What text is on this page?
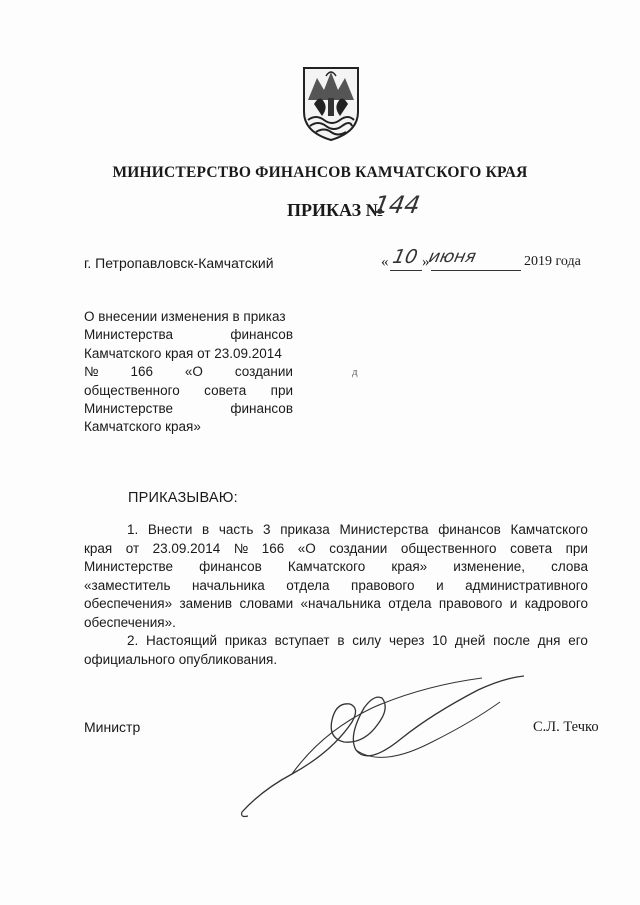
МИНИСТЕРСТВО ФИНАНСОВ КАМЧАТСКОГО КРАЯ
ПРИКАЗ №
144
г. Петропавловск-Камчатский	« 10 »
июня	2019 года
О внесении изменения в приказ
Министерства	финансов
Камчатского края от 23.09.2014
№ 166 «О создании
общественного совета при
Министерстве	финансов
Камчатского края»
д
ПРИКАЗЫВАЮ:
1. Внести в часть 3 приказа Министерства финансов Камчатского
края от 23.09.2014 № 166 «О создании общественного совета при
Министерстве финансов Камчатского края» изменение, слова
«заместитель начальника отдела правового и административного
обеспечения» заменив словами «начальника отдела правового и кадрового
обеспечения».
2. Настоящий приказ вступает в силу через 10 дней после дня его
официального опубликования.
Министр	С.Л. Течко
